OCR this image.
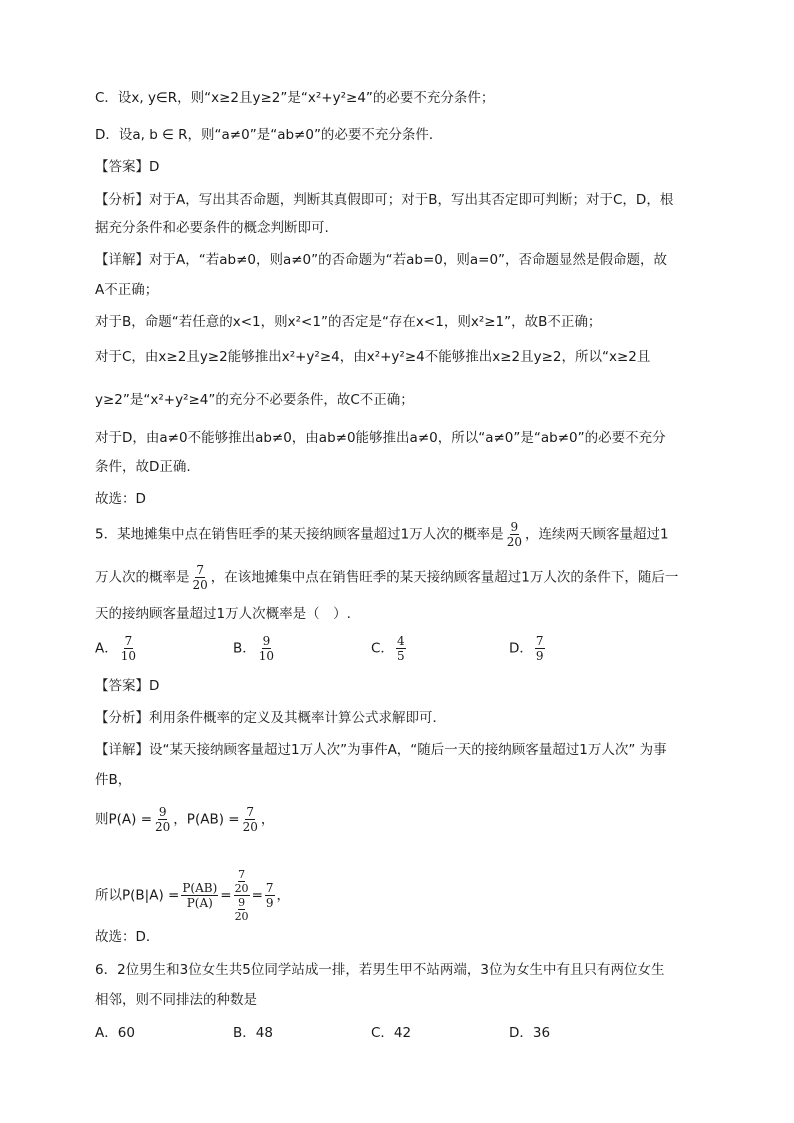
C．设x, y∈R，则“x≥2且y≥2”是“x²+y²≥4”的必要不充分条件；
D．设a, b ∈ R，则“a≠0”是“ab≠0”的必要不充分条件．
【答案】D
【分析】对于A，写出其否命题，判断其真假即可；对于B，写出其否定即可判断；对于C，D，根
据充分条件和必要条件的概念判断即可.
【详解】对于A，“若ab≠0，则a≠0”的否命题为“若ab=0，则a=0”，否命题显然是假命题，故
A不正确；
对于B，命题“若任意的x<1，则x²<1”的否定是“存在x<1，则x²≥1”，故B不正确；
对于C，由x≥2且y≥2能够推出x²+y²≥4，由x²+y²≥4不能够推出x≥2且y≥2，所以“x≥2且
y≥2”是“x²+y²≥4”的充分不必要条件，故C不正确；
对于D，由a≠0不能够推出ab≠0，由ab≠0能够推出a≠0，所以“a≠0”是“ab≠0”的必要不充分
条件，故D正确.
故选：D
5．某地摊集中点在销售旺季的某天接纳顾客量超过1万人次的概率是 $\frac{9}{20}$ ，连续两天顾客量超过1
万人次的概率是 $\frac{7}{20}$ ，在该地摊集中点在销售旺季的某天接纳顾客量超过1万人次的条件下，随后一
天的接纳顾客量超过1万人次概率是（　）.
A． $\frac{7}{10}$	B． $\frac{9}{10}$	C． $\frac{4}{5}$	D． $\frac{7}{9}$
【答案】D
【分析】利用条件概率的定义及其概率计算公式求解即可．
【详解】设“某天接纳顾客量超过1万人次”为事件A，“随后一天的接纳顾客量超过1万人次” 为事
件B，
则$P(A) = \frac{9}{20}$ ，$P(AB) = \frac{7}{20}$ ，
所以$P(B|A) = \frac{P(AB)}{P(A)} = \frac{\frac{7}{20}}{\frac{9}{20}} = \frac{7}{9}$ ，
故选：D．
6．2位男生和3位女生共5位同学站成一排，若男生甲不站两端，3位为女生中有且只有两位女生
相邻，则不同排法的种数是
A．60	B．48	C．42	D．36
